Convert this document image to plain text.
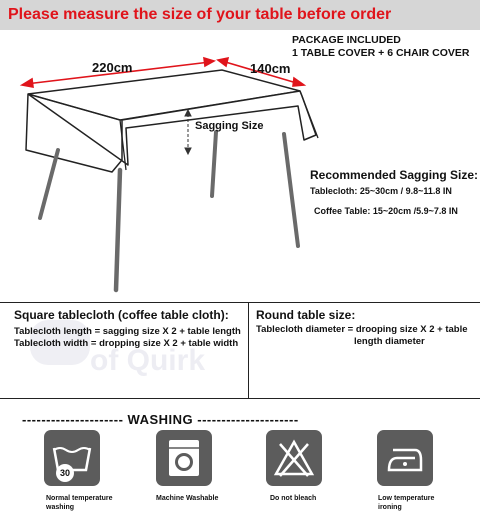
Please measure the size of your table before order
PACKAGE INCLUDED
1 TABLE COVER + 6 CHAIR COVER
220cm	140cm
Sagging Size
Recommended Sagging Size:
Tablecloth: 25~30cm / 9.8~11.8 IN
Coffee Table: 15~20cm /5.9~7.8 IN
of Quirk
Square tablecloth (coffee table cloth):
Tablecloth length = sagging size X 2 + table length
Tablecloth width = dropping size X 2 + table width
Round table size:
Tablecloth diameter = drooping size X 2 + table
length diameter
--------------------- WASHING ---------------------
30
Normal temperature
washing
Machine Washable	Do not bleach	Low temperature
ironing
